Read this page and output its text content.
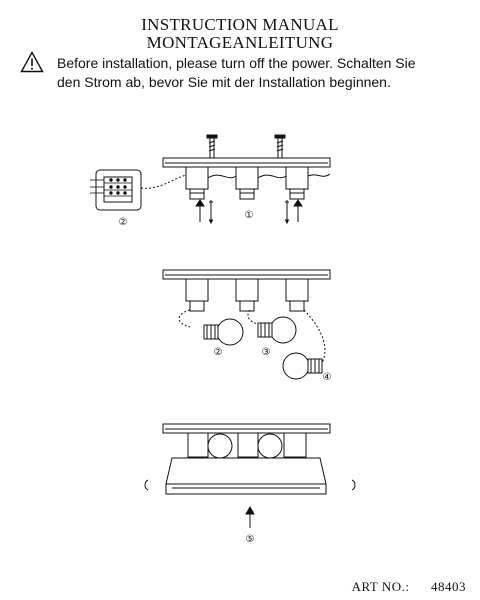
INSTRUCTION MANUAL
MONTAGEANLEITUNG
Before installation, please turn off the power. Schalten Sie
den Strom ab, bevor Sie mit der Installation beginnen.
①
②
②	③
④
⑤
ART NO.: 48403
